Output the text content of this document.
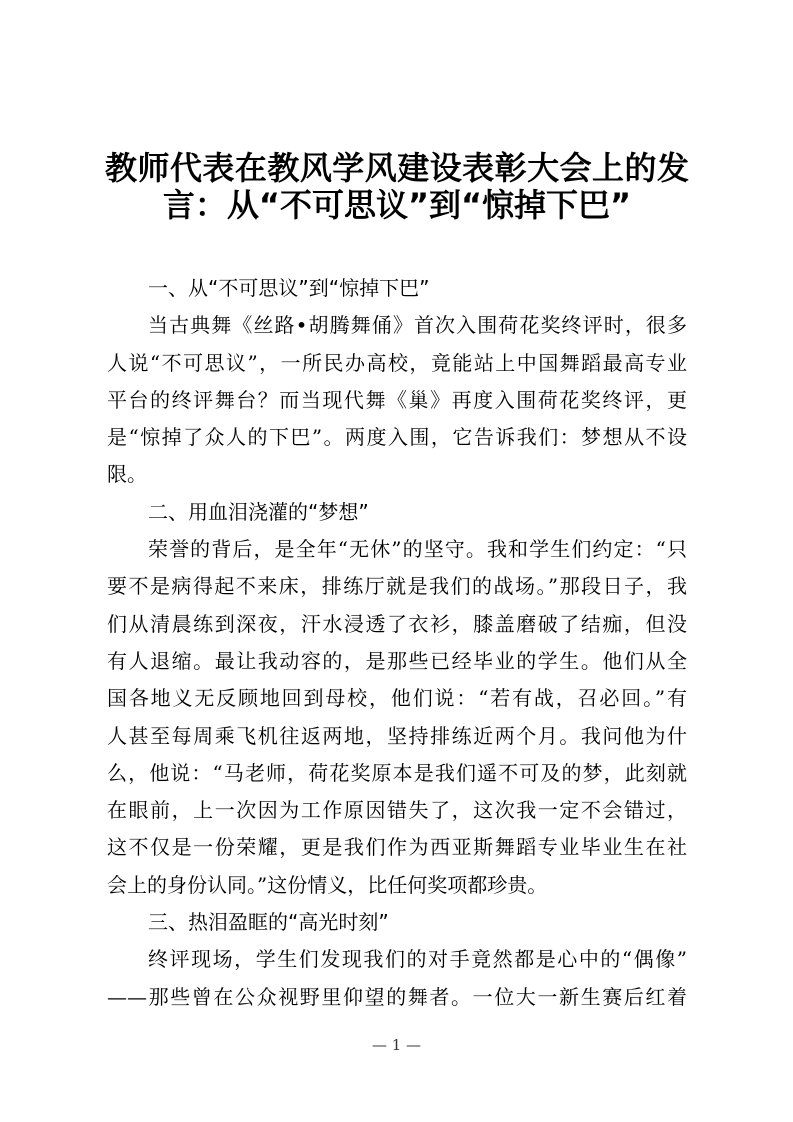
教师代表在教风学风建设表彰大会上的发
言：从“不可思议”到“惊掉下巴”
一、从“不可思议”到“惊掉下巴”
当古典舞《丝路•胡腾舞俑》首次入围荷花奖终评时，很多
人说“不可思议”，一所民办高校，竟能站上中国舞蹈最高专业
平台的终评舞台？而当现代舞《巢》再度入围荷花奖终评，更
是“惊掉了众人的下巴”。两度入围，它告诉我们：梦想从不设
限。
二、用血泪浇灌的“梦想”
荣誉的背后，是全年“无休”的坚守。我和学生们约定：“只
要不是病得起不来床，排练厅就是我们的战场。”那段日子，我
们从清晨练到深夜，汗水浸透了衣衫，膝盖磨破了结痂，但没
有人退缩。最让我动容的，是那些已经毕业的学生。他们从全
国各地义无反顾地回到母校，他们说：“若有战，召必回。”有
人甚至每周乘飞机往返两地，坚持排练近两个月。我问他为什
么，他说：“马老师，荷花奖原本是我们遥不可及的梦，此刻就
在眼前，上一次因为工作原因错失了，这次我一定不会错过，
这不仅是一份荣耀，更是我们作为西亚斯舞蹈专业毕业生在社
会上的身份认同。”这份情义，比任何奖项都珍贵。
三、热泪盈眶的“高光时刻”
终评现场，学生们发现我们的对手竟然都是心中的“偶像”
——那些曾在公众视野里仰望的舞者。一位大一新生赛后红着
— 1 —
